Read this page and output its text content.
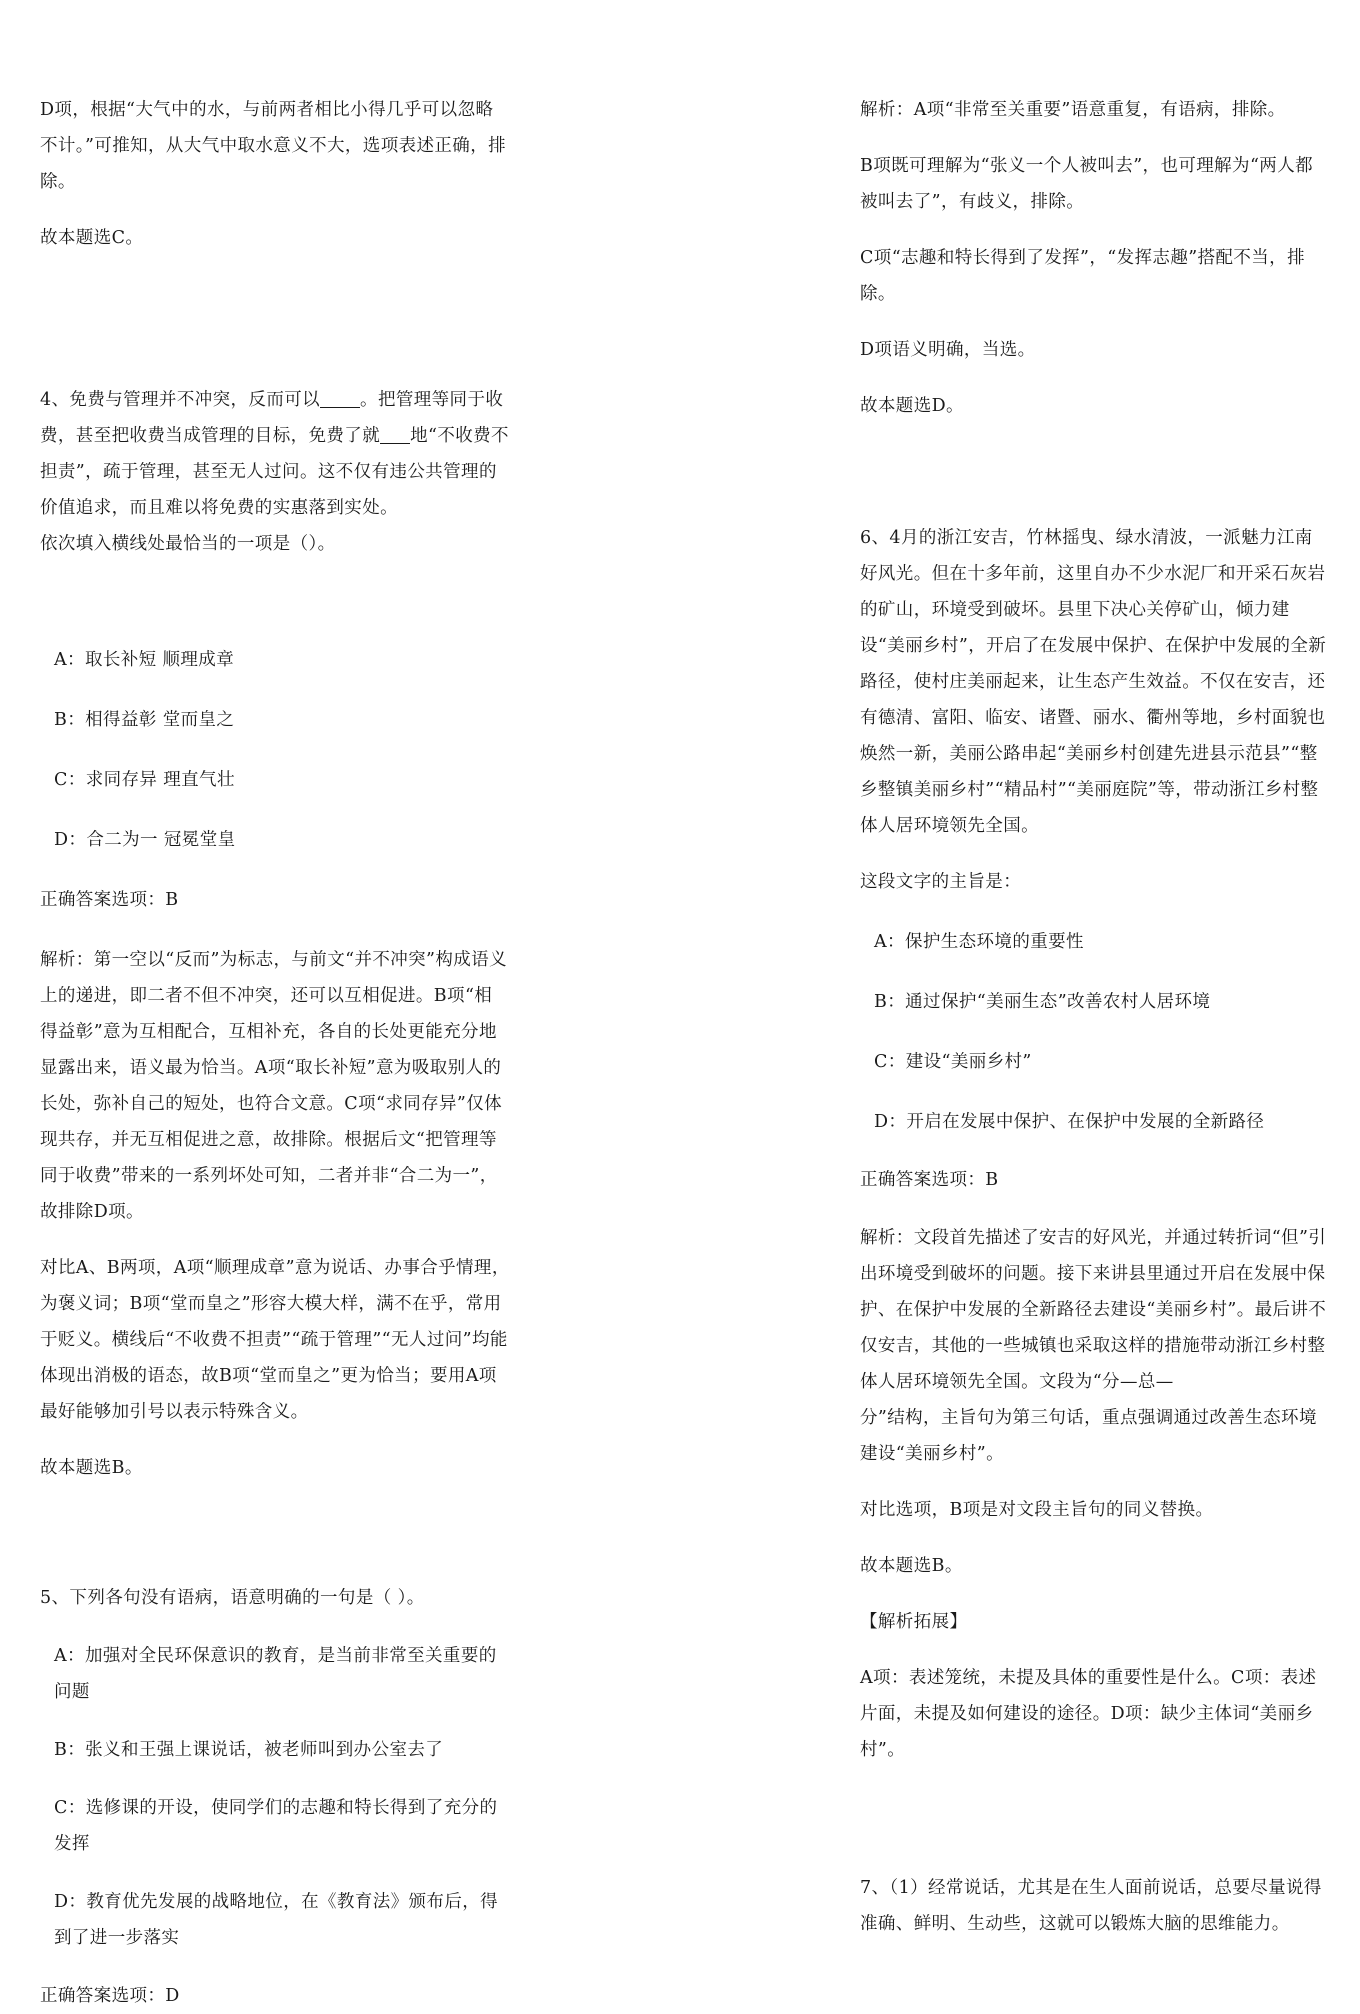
D项，根据“大气中的水，与前两者相比小得几乎可以忽略不计。”可推知，从大气中取水意义不大，选项表述正确，排除。

故本题选C。

4、免费与管理并不冲突，反而可以 。把管理等同于收费，甚至把收费当成管理的目标，免费了就 地“不收费不担责”，疏于管理，甚至无人过问。这不仅有违公共管理的价值追求，而且难以将免费的实惠落到实处。

依次填入横线处最恰当的一项是（）。

A：取长补短 顺理成章

B：相得益彰 堂而皇之

C：求同存异 理直气壮

D：合二为一 冠冕堂皇

正确答案选项：B

解析：第一空以“反而”为标志，与前文“并不冲突”构成语义上的递进，即二者不但不冲突，还可以互相促进。B项“相得益彰”意为互相配合，互相补充，各自的长处更能充分地显露出来，语义最为恰当。A项“取长补短”意为吸取别人的长处，弥补自己的短处，也符合文意。C项“求同存异”仅体现共存，并无互相促进之意，故排除。根据后文“把管理等同于收费”带来的一系列坏处可知，二者并非“合二为一”，故排除D项。

对比A、B两项，A项“顺理成章”意为说话、办事合乎情理，为褒义词；B项“堂而皇之”形容大模大样，满不在乎，常用于贬义。横线后“不收费不担责”“疏于管理”“无人过问”均能体现出消极的语态，故B项“堂而皇之”更为恰当；要用A项最好能够加引号以表示特殊含义。

故本题选B。

5、下列各句没有语病，语意明确的一句是（ ）。

A：加强对全民环保意识的教育，是当前非常至关重要的问题

B：张义和王强上课说话，被老师叫到办公室去了

C：选修课的开设，使同学们的志趣和特长得到了充分的发挥

D：教育优先发展的战略地位，在《教育法》颁布后，得到了进一步落实

正确答案选项：D

解析：A项“非常至关重要”语意重复，有语病，排除。

B项既可理解为“张义一个人被叫去”，也可理解为“两人都被叫去了”，有歧义，排除。

C项“志趣和特长得到了发挥”，“发挥志趣”搭配不当，排除。

D项语义明确，当选。

故本题选D。

6、4月的浙江安吉，竹林摇曳、绿水清波，一派魅力江南好风光。但在十多年前，这里自办不少水泥厂和开采石灰岩的矿山，环境受到破坏。县里下决心关停矿山，倾力建设“美丽乡村”，开启了在发展中保护、在保护中发展的全新路径，使村庄美丽起来，让生态产生效益。不仅在安吉，还有德清、富阳、临安、诸暨、丽水、衢州等地，乡村面貌也焕然一新，美丽公路串起“美丽乡村创建先进县示范县”“整乡整镇美丽乡村”“精品村”“美丽庭院”等，带动浙江乡村整体人居环境领先全国。

这段文字的主旨是：

A：保护生态环境的重要性

B：通过保护“美丽生态”改善农村人居环境

C：建设“美丽乡村”

D：开启在发展中保护、在保护中发展的全新路径

正确答案选项：B

解析：文段首先描述了安吉的好风光，并通过转折词“但”引出环境受到破坏的问题。接下来讲县里通过开启在发展中保护、在保护中发展的全新路径去建设“美丽乡村”。最后讲不仅安吉，其他的一些城镇也采取这样的措施带动浙江乡村整体人居环境领先全国。文段为“分—总—

分”结构，主旨句为第三句话，重点强调通过改善生态环境建设“美丽乡村”。

对比选项，B项是对文段主旨句的同义替换。

故本题选B。

【解析拓展】

A项：表述笼统，未提及具体的重要性是什么。C项：表述片面，未提及如何建设的途径。D项：缺少主体词“美丽乡村”。

7、（1）经常说话，尤其是在生人面前说话，总要尽量说得准确、鲜明、生动些，这就可以锻炼大脑的思维能力。
